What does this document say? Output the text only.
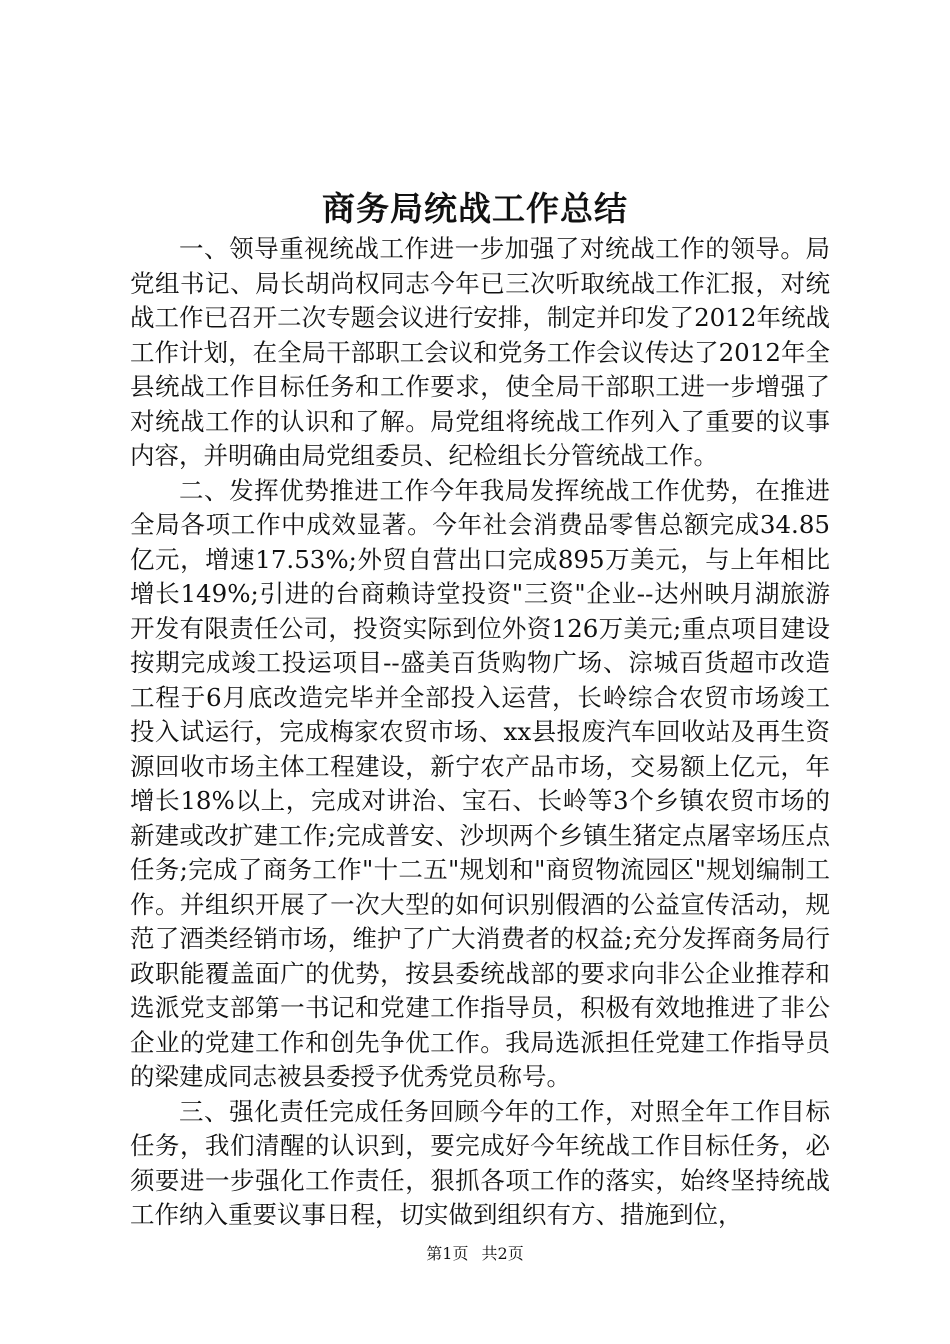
商务局统战工作总结

一、领导重视统战工作进一步加强了对统战工作的领导。局党组书记、局长胡尚权同志今年已三次听取统战工作汇报，对统战工作已召开二次专题会议进行安排，制定并印发了2012年统战工作计划，在全局干部职工会议和党务工作会议传达了2012年全县统战工作目标任务和工作要求，使全局干部职工进一步增强了对统战工作的认识和了解。局党组将统战工作列入了重要的议事内容，并明确由局党组委员、纪检组长分管统战工作。

二、发挥优势推进工作今年我局发挥统战工作优势，在推进全局各项工作中成效显著。今年社会消费品零售总额完成34.85亿元，增速17.53%;外贸自营出口完成895万美元，与上年相比增长149%;引进的台商赖诗堂投资"三资"企业--达州映月湖旅游开发有限责任公司，投资实际到位外资126万美元;重点项目建设按期完成竣工投运项目--盛美百货购物广场、淙城百货超市改造工程于6月底改造完毕并全部投入运营，长岭综合农贸市场竣工投入试运行，完成梅家农贸市场、xx县报废汽车回收站及再生资源回收市场主体工程建设，新宁农产品市场，交易额上亿元，年增长18%以上，完成对讲治、宝石、长岭等3个乡镇农贸市场的新建或改扩建工作;完成普安、沙坝两个乡镇生猪定点屠宰场压点任务;完成了商务工作"十二五"规划和"商贸物流园区"规划编制工作。并组织开展了一次大型的如何识别假酒的公益宣传活动，规范了酒类经销市场，维护了广大消费者的权益;充分发挥商务局行政职能覆盖面广的优势，按县委统战部的要求向非公企业推荐和选派党支部第一书记和党建工作指导员，积极有效地推进了非公企业的党建工作和创先争优工作。我局选派担任党建工作指导员的梁建成同志被县委授予优秀党员称号。

三、强化责任完成任务回顾今年的工作，对照全年工作目标任务，我们清醒的认识到，要完成好今年统战工作目标任务，必须要进一步强化工作责任，狠抓各项工作的落实，始终坚持统战工作纳入重要议事日程，切实做到组织有方、措施到位，

第1页 共2页
